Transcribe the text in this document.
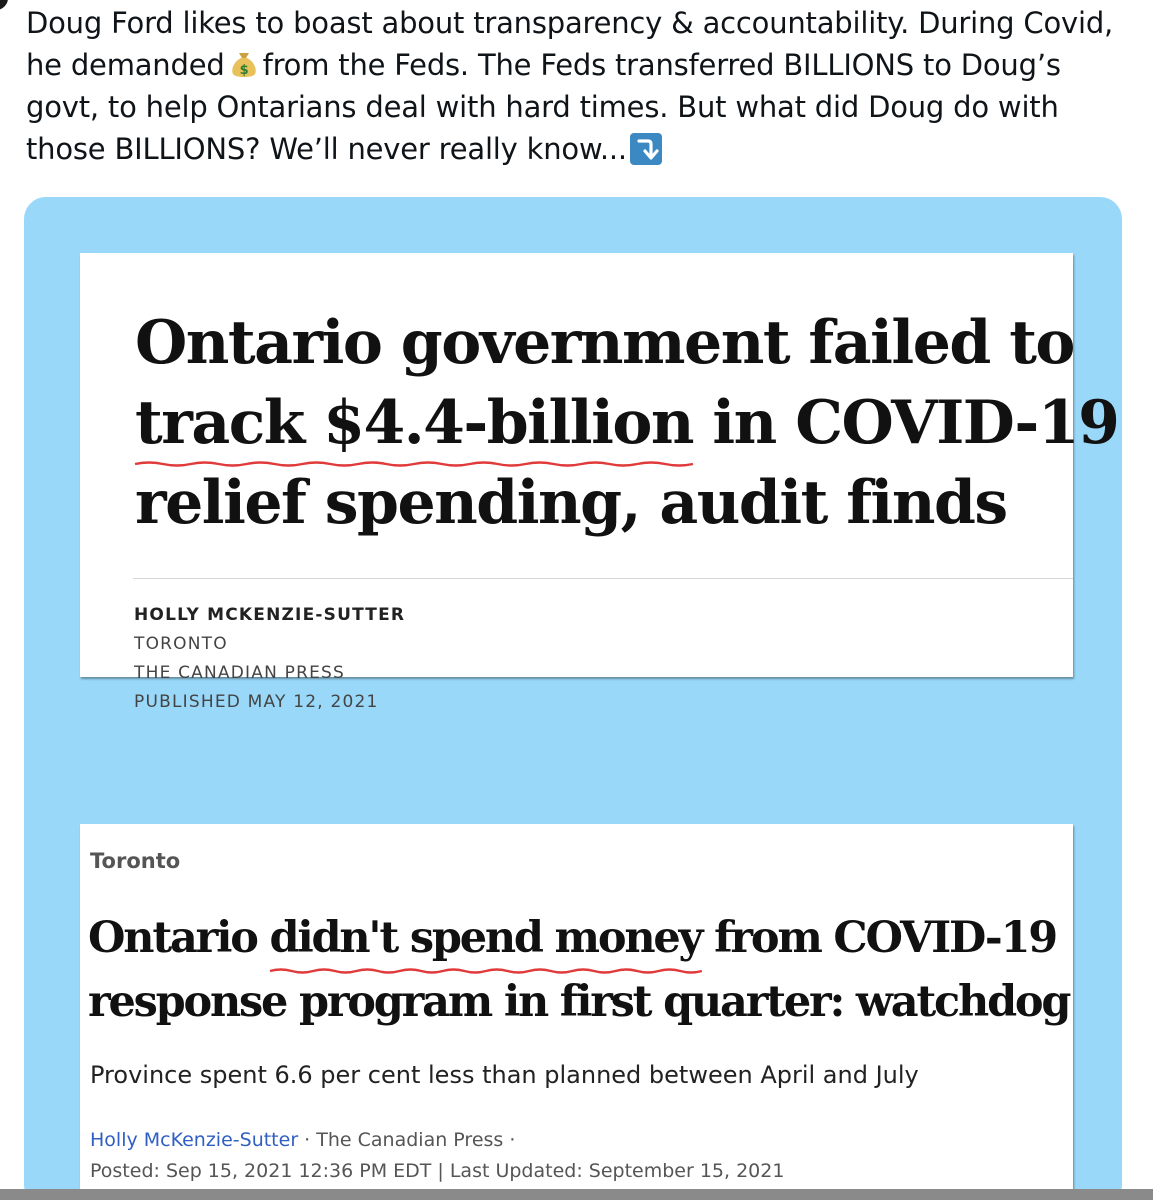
Doug Ford likes to boast about transparency & accountability. During Covid,
he demanded $ from the Feds. The Feds transferred BILLIONS to Doug’s
govt, to help Ontarians deal with hard times. But what did Doug do with
those BILLIONS? We’ll never really know...
Ontario government failed to
track $4.4-billion
in COVID-19
relief spending, audit finds
HOLLY MCKENZIE-SUTTER
TORONTO
THE CANADIAN PRESS
PUBLISHED MAY 12, 2021
Toronto
Ontario didn't spend money
from COVID-19
response program in first quarter: watchdog
Province spent 6.6 per cent less than planned between April and July
Holly McKenzie-Sutter · The Canadian Press ·
Posted: Sep 15, 2021 12:36 PM EDT | Last Updated: September 15, 2021
